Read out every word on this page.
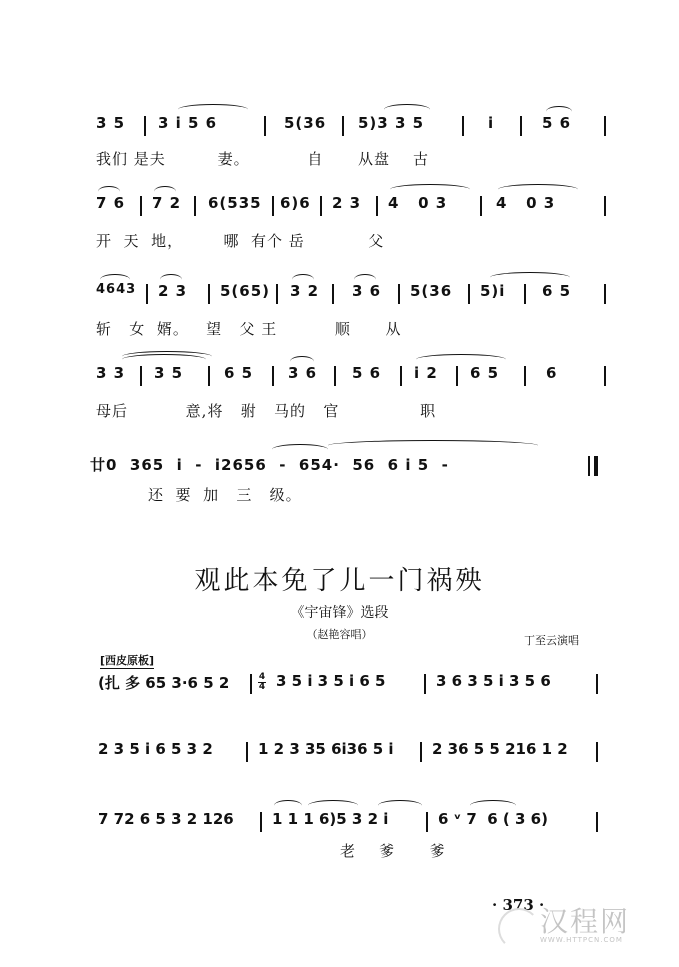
3 5 3 i 5 6	5(36 5)3 3 5	i	5 6
我们 是夫         妻。          自      从盘    古
7 6 7 2 6(535 6)6 2 3 4   0 3	4   0 3
开  天  地，       哪  有个 岳           父
4643 2 3 5(65) 3 2 3 6 5(36 5)i 6 5
斩   女  婿。   望   父 王          顺      从
3 3 3 5	6 5 3 6 5 6 i 2 6 5	6
母后          意,将   驸   马的   官              职
廿0  365  i  -  i2656  -  654·  56  6 i 5  -
还  要  加   三   级。
观此本免了儿一门祸殃
《宇宙锋》选段
（赵艳容唱）	丁至云演唱
[西皮原板]
(扎 多 65 3·6 5 2	4
4 3 5 i 3 5 i 6 5	3 6 3 5 i 3 5 6
2 3 5 i 6 5 3 2	1 2 3 35 6i36 5 i	2 36 5 5 216 1 2
7 72 6 5 3 2 126	1 1 1 6)5 3 2 i	6 ᵛ 7  6 ( 3 6)
老    爹      爹
· 373 ·
汉程网
WWW.HTTPCN.COM
